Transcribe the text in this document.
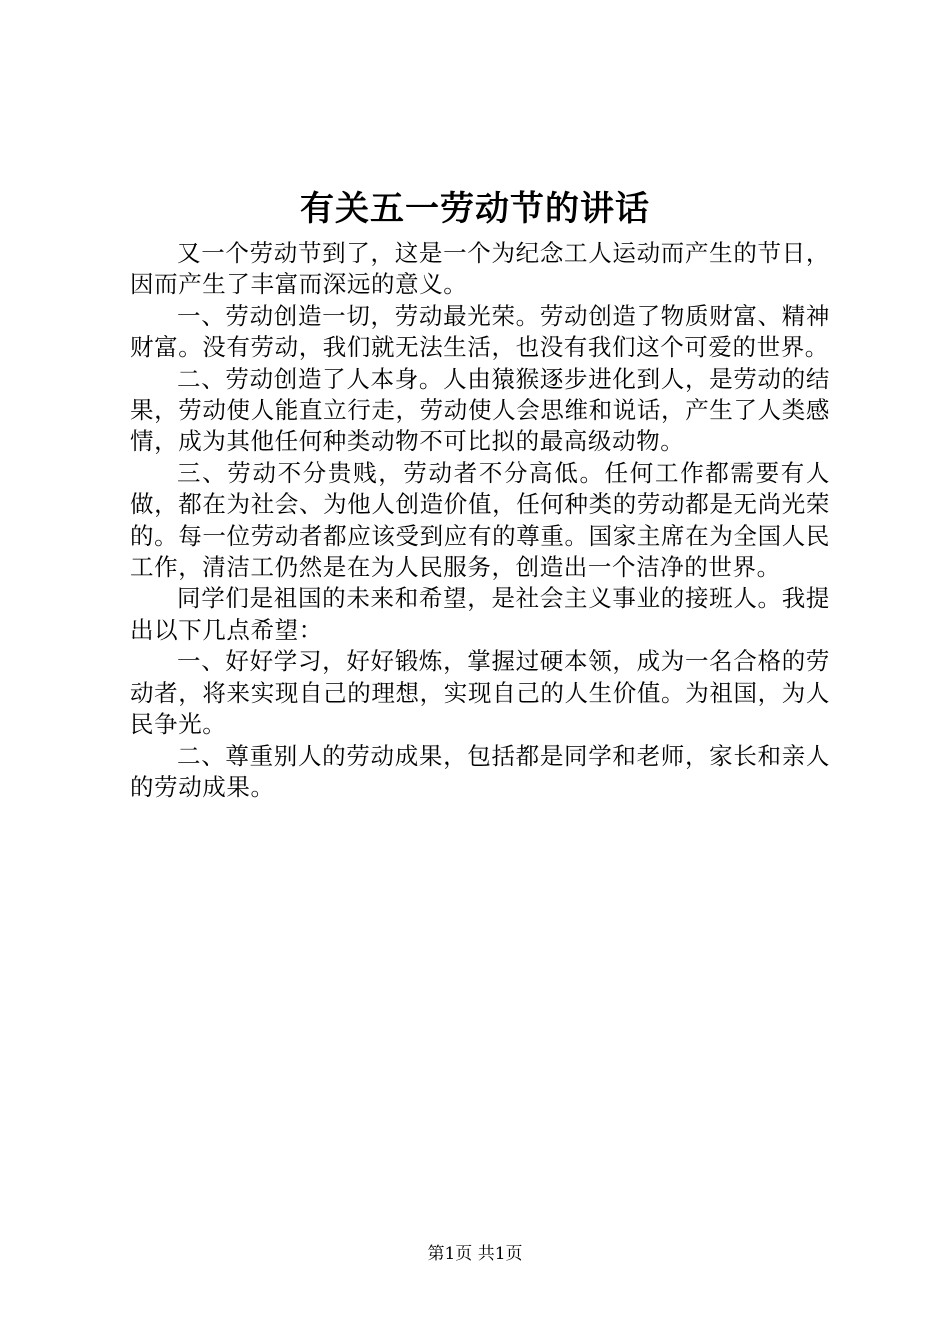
有关五一劳动节的讲话

又一个劳动节到了，这是一个为纪念工人运动而产生的节日，因而产生了丰富而深远的意义。

一、劳动创造一切，劳动最光荣。劳动创造了物质财富、精神财富。没有劳动，我们就无法生活，也没有我们这个可爱的世界。

二、劳动创造了人本身。人由猿猴逐步进化到人，是劳动的结果，劳动使人能直立行走，劳动使人会思维和说话，产生了人类感情，成为其他任何种类动物不可比拟的最高级动物。

三、劳动不分贵贱，劳动者不分高低。任何工作都需要有人做，都在为社会、为他人创造价值，任何种类的劳动都是无尚光荣的。每一位劳动者都应该受到应有的尊重。国家主席在为全国人民工作，清洁工仍然是在为人民服务，创造出一个洁净的世界。

同学们是祖国的未来和希望，是社会主义事业的接班人。我提出以下几点希望：

一、好好学习，好好锻炼，掌握过硬本领，成为一名合格的劳动者，将来实现自己的理想，实现自己的人生价值。为祖国，为人民争光。

二、尊重别人的劳动成果，包括都是同学和老师，家长和亲人的劳动成果。

第1页 共1页
